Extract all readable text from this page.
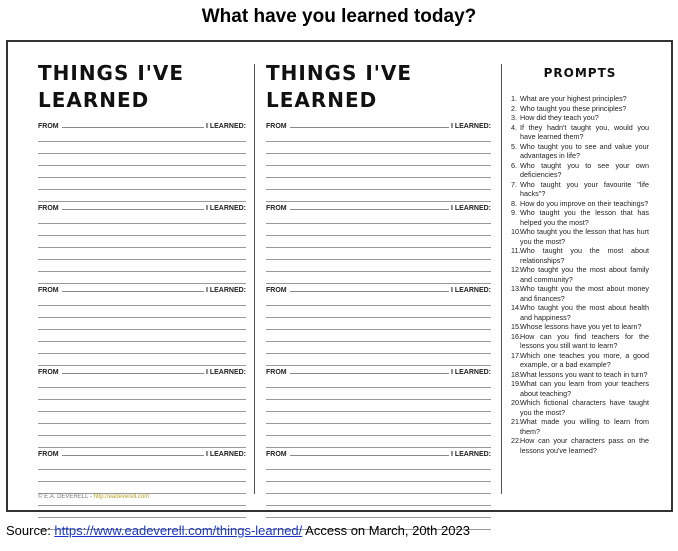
What have you learned today?
THINGS I'VE
LEARNED
FROM	I LEARNED:
FROM	I LEARNED:
FROM	I LEARNED:
FROM	I LEARNED:
FROM	I LEARNED:
THINGS I'VE
LEARNED
FROM	I LEARNED:
FROM	I LEARNED:
FROM	I LEARNED:
FROM	I LEARNED:
FROM	I LEARNED:
PROMPTS
1. What are your highest principles?
2. Who taught you these principles?
3. How did they teach you?
4. If they hadn't taught you, would you have learned them?
5. Who taught you to see and value your advantages in life?
6. Who taught you to see your own deficiencies?
7. Who taught you your favourite "life hacks"?
8. How do you improve on their teachings?
9. Who taught you the lesson that has helped you the most?
10. Who taught you the lesson that has hurt you the most?
11. Who taught you the most about relationships?
12. Who taught you the most about family and community?
13. Who taught you the most about money and finances?
14. Who taught you the most about health and happiness?
15. Whose lessons have you yet to learn?
16. How can you find teachers for the lessons you still want to learn?
17. Which one teaches you more, a good example, or a bad example?
18. What lessons you want to teach in turn?
19. What can you learn from your teachers about teaching?
20. Which fictional characters have taught you the most?
21. What made you willing to learn from them?
22. How can your characters pass on the lessons you've learned?
© E.A. DEVERELL - http://eadeverell.com
Source: https://www.eadeverell.com/things-learned/ Access on March, 20th 2023
